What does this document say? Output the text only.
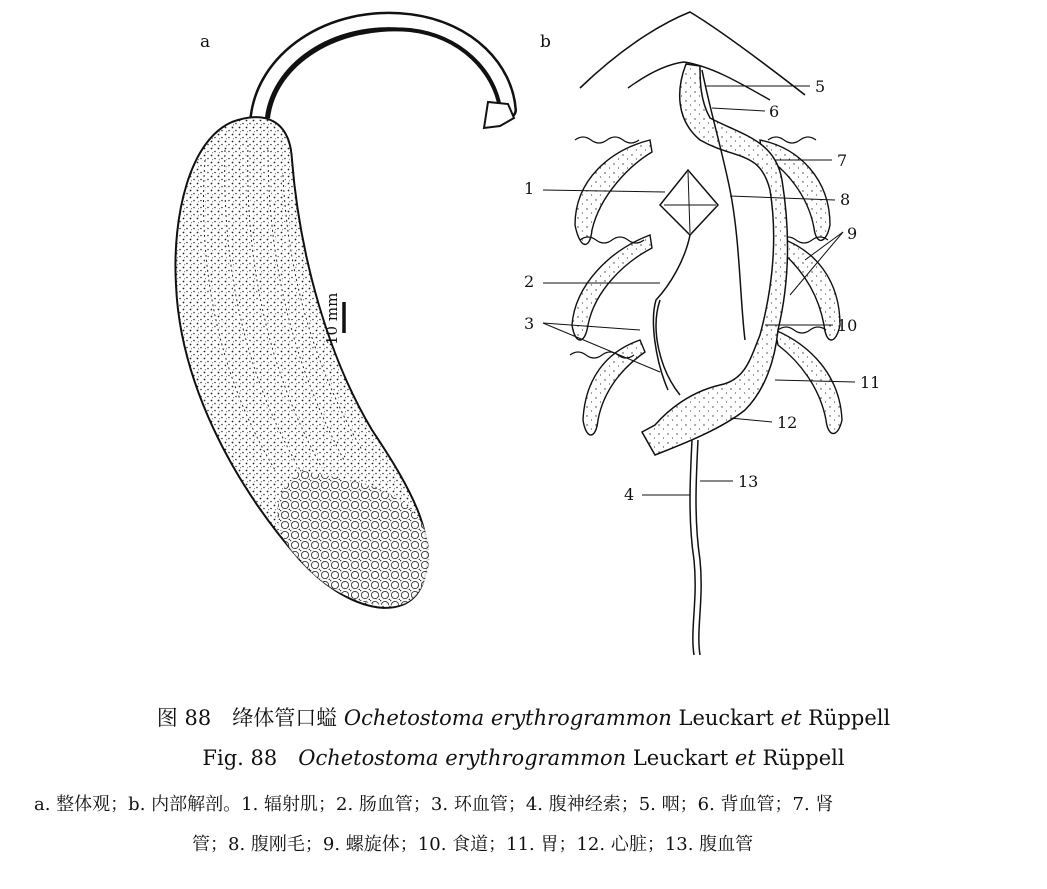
a	b
10 mm
1
2
3
4
5
6
7
8
9
10
11
12
13
图 88　绛体管口螠 Ochetostoma erythrogrammon Leuckart et Rüppell
Fig. 88　Ochetostoma erythrogrammon Leuckart et Rüppell
a. 整体观；b. 内部解剖。1. 辐射肌；2. 肠血管；3. 环血管；4. 腹神经索；5. 咽；6. 背血管；7. 肾
管；8. 腹刚毛；9. 螺旋体；10. 食道；11. 胃；12. 心脏；13. 腹血管
